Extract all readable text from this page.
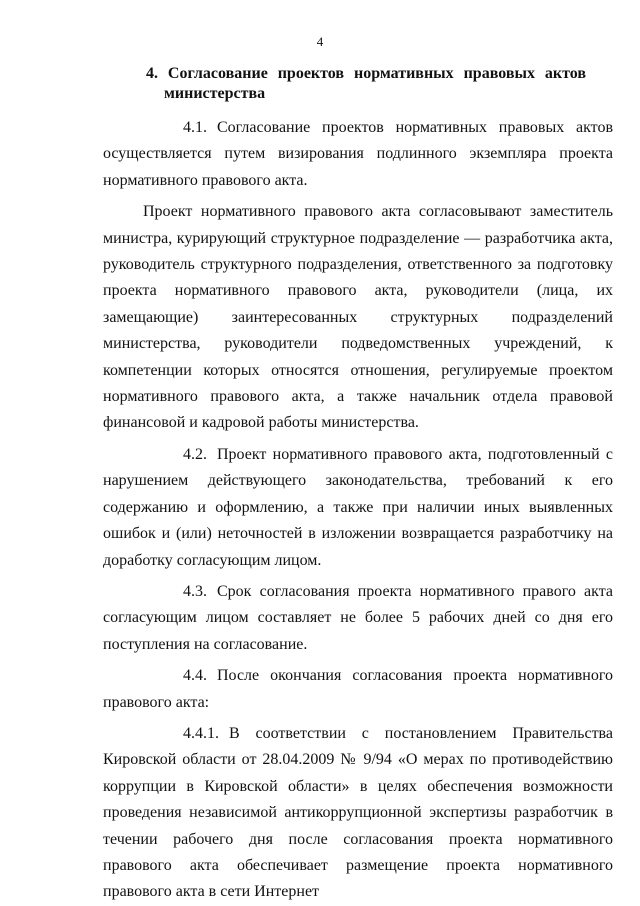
4
4. Согласование проектов нормативных правовых актов
министерства

4.1. Согласование проектов нормативных правовых актов осуществляется путем визирования подлинного экземпляра проекта нормативного правового акта.

Проект нормативного правового акта согласовывают заместитель министра, курирующий структурное подразделение — разработчика акта, руководитель структурного подразделения, ответственного за подготовку проекта нормативного правового акта, руководители (лица, их замещающие) заинтересованных структурных подразделений министерства, руководители подведомственных учреждений, к компетенции которых относятся отношения, регулируемые проектом нормативного правового акта, а также начальник отдела правовой финансовой и кадровой работы министерства.

4.2. Проект нормативного правового акта, подготовленный с нарушением действующего законодательства, требований к его содержанию и оформлению, а также при наличии иных выявленных ошибок и (или) неточностей в изложении возвращается разработчику на доработку согласующим лицом.

4.3. Срок согласования проекта нормативного правого акта согласующим лицом составляет не более 5 рабочих дней со дня его поступления на согласование.

4.4. После окончания согласования проекта нормативного правового акта:

4.4.1. В соответствии с постановлением Правительства Кировской области от 28.04.2009 № 9/94 «О мерах по противодействию коррупции в Кировской области» в целях обеспечения возможности проведения независимой антикоррупционной экспертизы разработчик в течении рабочего дня после согласования проекта нормативного правового акта обеспечивает размещение проекта нормативного правового акта в сети Интернет
